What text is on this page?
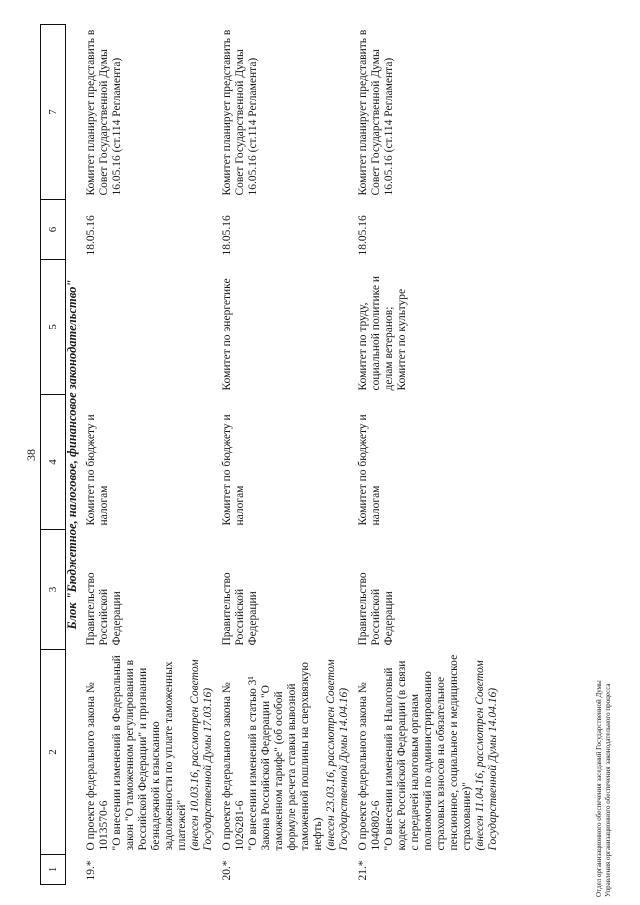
38
1	2	3	4	5	6	7
Блок "Бюджетное, налоговое, финансовое законодательство"						
19.*	О проекте федерального закона № 1013570-6 "О внесении изменений в Федеральный закон "О таможенном регулировании в Российской Федерации" и признании безнадежной к взысканию задолженности по уплате таможенных платежей" (внесен 10.03.16, рассмотрен Советом Государственной Думы 17.03.16)	Правительство Российской Федерации	Комитет по бюджету и налогам		18.05.16	Комитет планирует представить в Совет Государственной Думы 16.05.16 (ст.114 Регламента)
20.*	О проекте федерального закона № 1026281-6 "О внесении изменений в статью 3¹ Закона Российской Федерации "О таможенном тарифе" (об особой формуле расчета ставки вывозной таможенной пошлины на сверхвязкую нефть) (внесен 23.03.16, рассмотрен Советом Государственной Думы 14.04.16)	Правительство Российской Федерации	Комитет по бюджету и налогам	Комитет по энергетике	18.05.16	Комитет планирует представить в Совет Государственной Думы 16.05.16 (ст.114 Регламента)
21.*	О проекте федерального закона № 1040802-6 "О внесении изменений в Налоговый кодекс Российской Федерации (в связи с передачей налоговым органам полномочий по администрированию страховых взносов на обязательное пенсионное, социальное и медицинское страхование)" (внесен 11.04.16, рассмотрен Советом Государственной Думы 14.04.16)	Правительство Российской Федерации	Комитет по бюджету и налогам	Комитет по труду, социальной политике и делам ветеранов; Комитет по культуре	18.05.16	Комитет планирует представить в Совет Государственной Думы 16.05.16 (ст.114 Регламента)
Отдел организационного обеспечения заседаний Государственной Думы Управления организационного обеспечения законодательного процесса
